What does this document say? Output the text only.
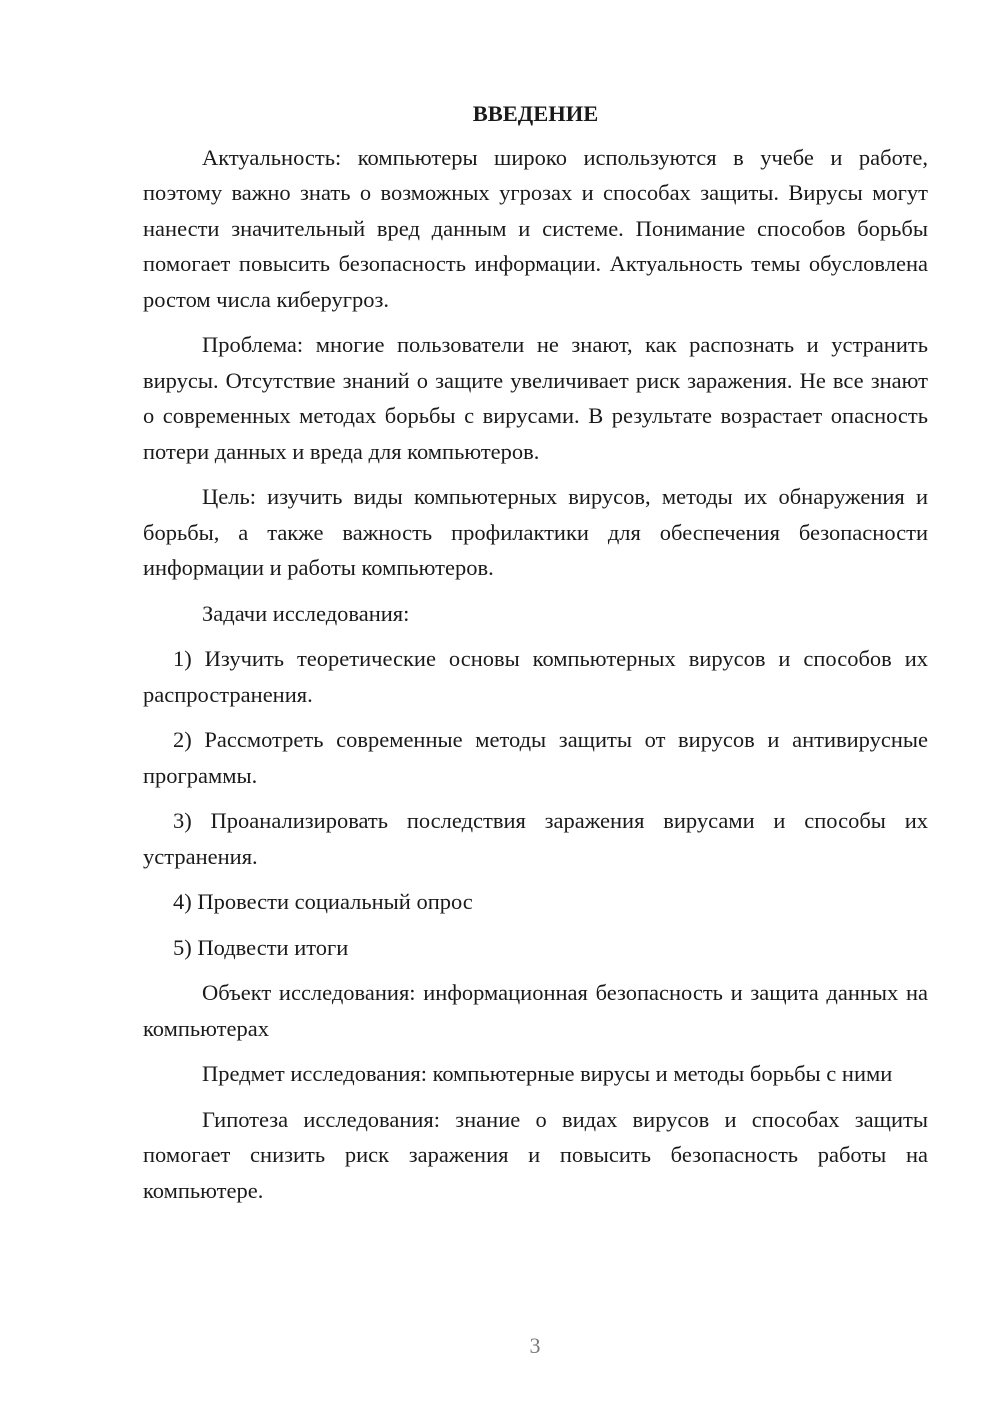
ВВЕДЕНИЕ

Актуальность: компьютеры широко используются в учебе и работе, поэтому важно знать о возможных угрозах и способах защиты. Вирусы могут нанести значительный вред данным и системе. Понимание способов борьбы помогает повысить безопасность информации. Актуальность темы обусловлена ростом числа киберугроз.

Проблема: многие пользователи не знают, как распознать и устранить вирусы. Отсутствие знаний о защите увеличивает риск заражения. Не все знают о современных методах борьбы с вирусами. В результате возрастает опасность потери данных и вреда для компьютеров.

Цель: изучить виды компьютерных вирусов, методы их обнаружения и борьбы, а также важность профилактики для обеспечения безопасности информации и работы компьютеров.

Задачи исследования:

1) Изучить теоретические основы компьютерных вирусов и способов их распространения.

2) Рассмотреть современные методы защиты от вирусов и антивирусные программы.

3) Проанализировать последствия заражения вирусами и способы их устранения.

4) Провести социальный опрос

5) Подвести итоги

Объект исследования: информационная безопасность и защита данных на компьютерах

Предмет исследования: компьютерные вирусы и методы борьбы с ними

Гипотеза исследования: знание о видах вирусов и способах защиты помогает снизить риск заражения и повысить безопасность работы на компьютере.

3
